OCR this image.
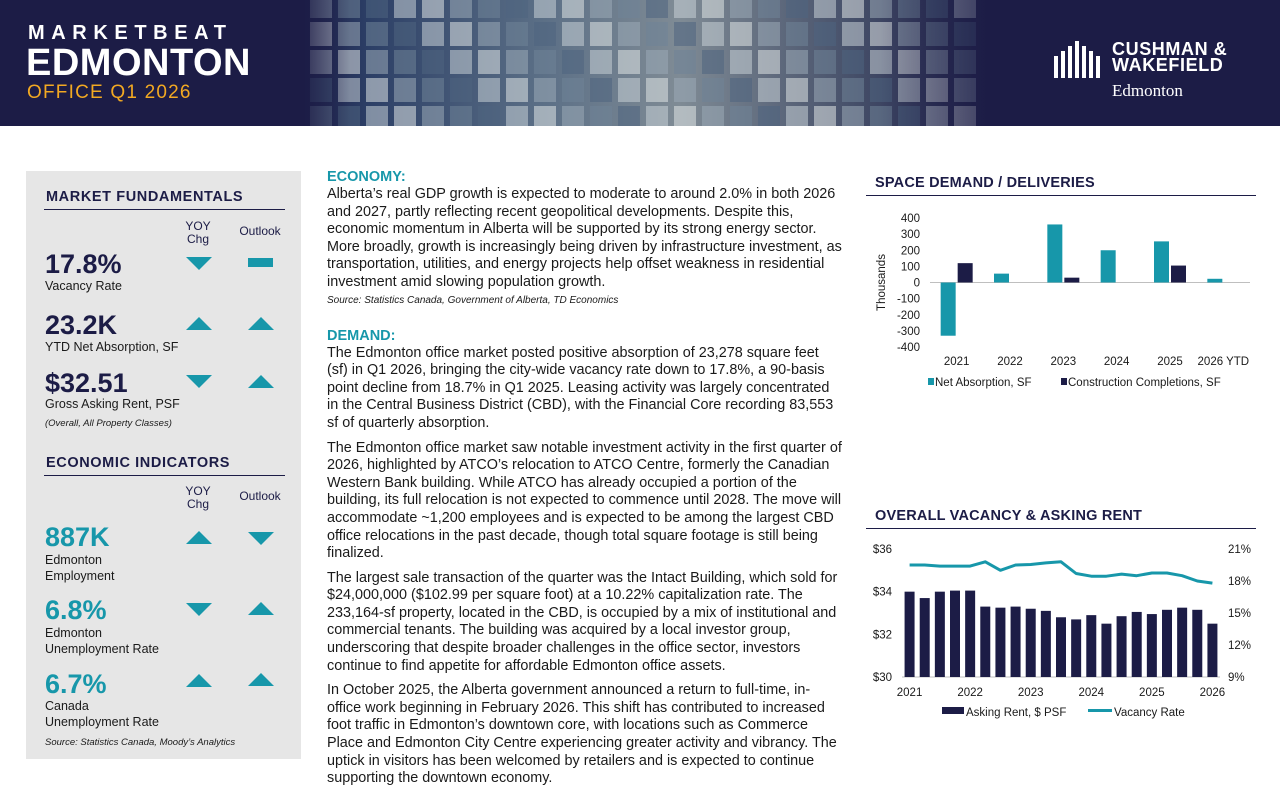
MARKETBEAT
EDMONTON
OFFICE Q1 2026
CUSHMAN &
WAKEFIELD
Edmonton
MARKET FUNDAMENTALS
YOY
Chg
Outlook
17.8%
Vacancy Rate
23.2K
YTD Net Absorption, SF
$32.51
Gross Asking Rent, PSF
(Overall, All Property Classes)
ECONOMIC INDICATORS
YOY
Chg
Outlook
887K
Edmonton
Employment
6.8%
Edmonton
Unemployment Rate
6.7%
Canada
Unemployment Rate
Source: Statistics Canada, Moody’s Analytics
ECONOMY:
Alberta’s real GDP growth is expected to moderate to around 2.0% in both 2026 and 2027, partly reflecting recent geopolitical developments. Despite this, economic momentum in Alberta will be supported by its strong energy sector. More broadly, growth is increasingly being driven by infrastructure investment, as transportation, utilities, and energy projects help offset weakness in residential investment amid slowing population growth.
Source: Statistics Canada, Government of Alberta, TD Economics
DEMAND:
The Edmonton office market posted positive absorption of 23,278 square feet (sf) in Q1 2026, bringing the city-wide vacancy rate down to 17.8%, a 90-basis point decline from 18.7% in Q1 2025. Leasing activity was largely concentrated in the Central Business District (CBD), with the Financial Core recording 83,553 sf of quarterly absorption.
The Edmonton office market saw notable investment activity in the first quarter of 2026, highlighted by ATCO’s relocation to ATCO Centre, formerly the Canadian Western Bank building. While ATCO has already occupied a portion of the building, its full relocation is not expected to commence until 2028. The move will accommodate ~1,200 employees and is expected to be among the largest CBD office relocations in the past decade, though total square footage is still being finalized.
The largest sale transaction of the quarter was the Intact Building, which sold for $24,000,000 ($102.99 per square foot) at a 10.22% capitalization rate. The 233,164-sf property, located in the CBD, is occupied by a mix of institutional and commercial tenants. The building was acquired by a local investor group, underscoring that despite broader challenges in the office sector, investors continue to find appetite for affordable Edmonton office assets.
In October 2025, the Alberta government announced a return to full-time, in-office work beginning in February 2026. This shift has contributed to increased foot traffic in Edmonton’s downtown core, with locations such as Commerce Place and Edmonton City Centre experiencing greater activity and vibrancy. The uptick in visitors has been welcomed by retailers and is expected to continue supporting the downtown economy.
SPACE DEMAND / DELIVERIES
400
300
200
100
0
-100
-200
-300
-400
Thousands
2021 2022 2023 2024 2025 2026 YTD
Net Absorption, SF	Construction Completions, SF
OVERALL VACANCY & ASKING RENT
$36
$34
$32
$30
21%
18%
15%
12%
9%
2021	2022	2023	2024	2025	2026
Asking Rent, $ PSF	Vacancy Rate
